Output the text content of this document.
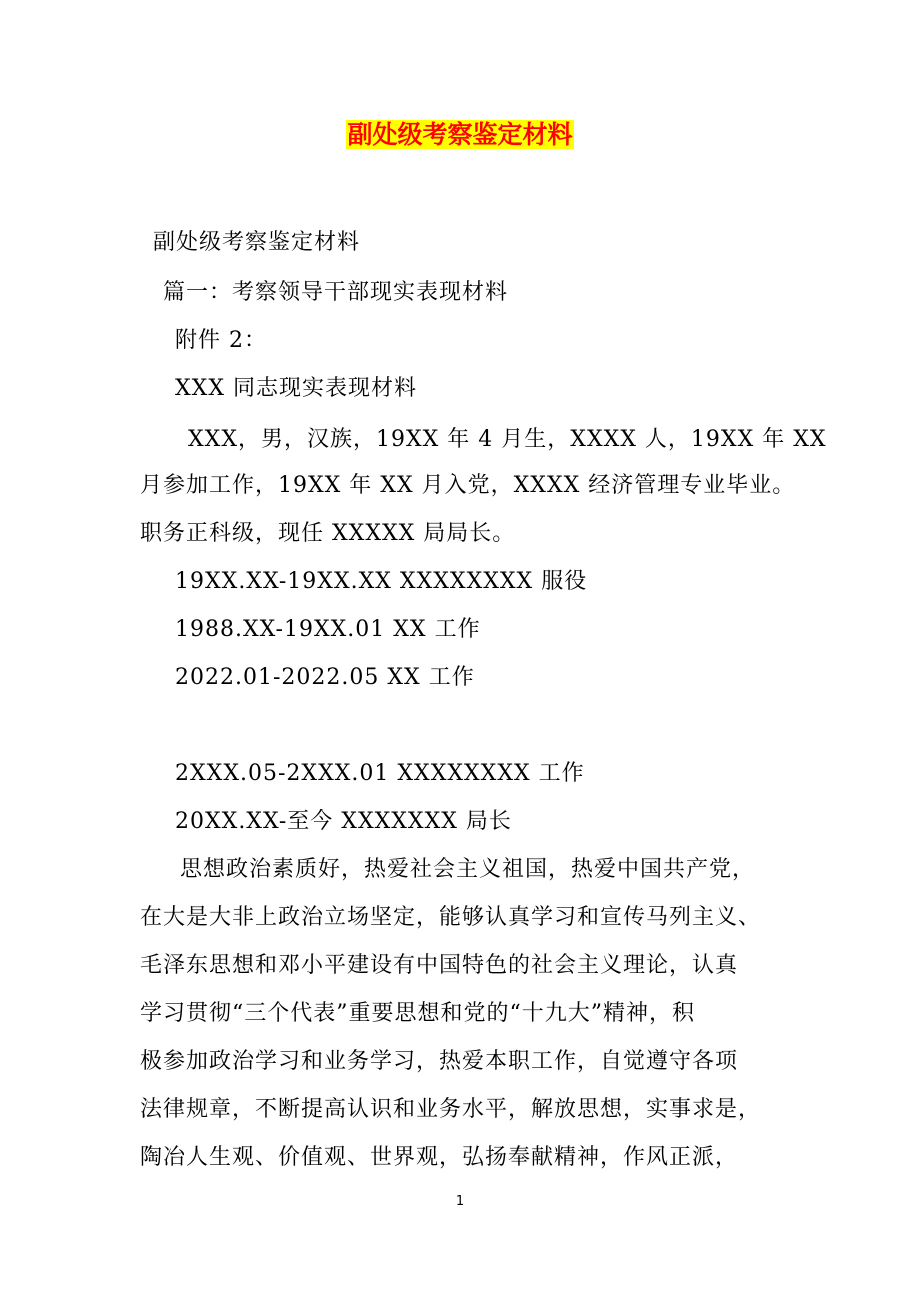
副处级考察鉴定材料
副处级考察鉴定材料
篇一：考察领导干部现实表现材料
附件 2：
XXX 同志现实表现材料
XXX，男，汉族，19XX 年 4 月生，XXXX 人，19XX 年 XX
月参加工作，19XX 年 XX 月入党，XXXX 经济管理专业毕业。
职务正科级，现任 XXXXX 局局长。
19XX.XX-19XX.XX XXXXXXXX 服役
1988.XX-19XX.01 XX 工作
2022.01-2022.05 XX 工作
2XXX.05-2XXX.01 XXXXXXXX 工作
20XX.XX-至今 XXXXXXX 局长
思想政治素质好，热爱社会主义祖国，热爱中国共产党，
在大是大非上政治立场坚定，能够认真学习和宣传马列主义、
毛泽东思想和邓小平建设有中国特色的社会主义理论，认真
学习贯彻“三个代表”重要思想和党的“十九大”精神，积
极参加政治学习和业务学习，热爱本职工作，自觉遵守各项
法律规章，不断提高认识和业务水平，解放思想，实事求是，
陶冶人生观、价值观、世界观，弘扬奉献精神，作风正派，
1
